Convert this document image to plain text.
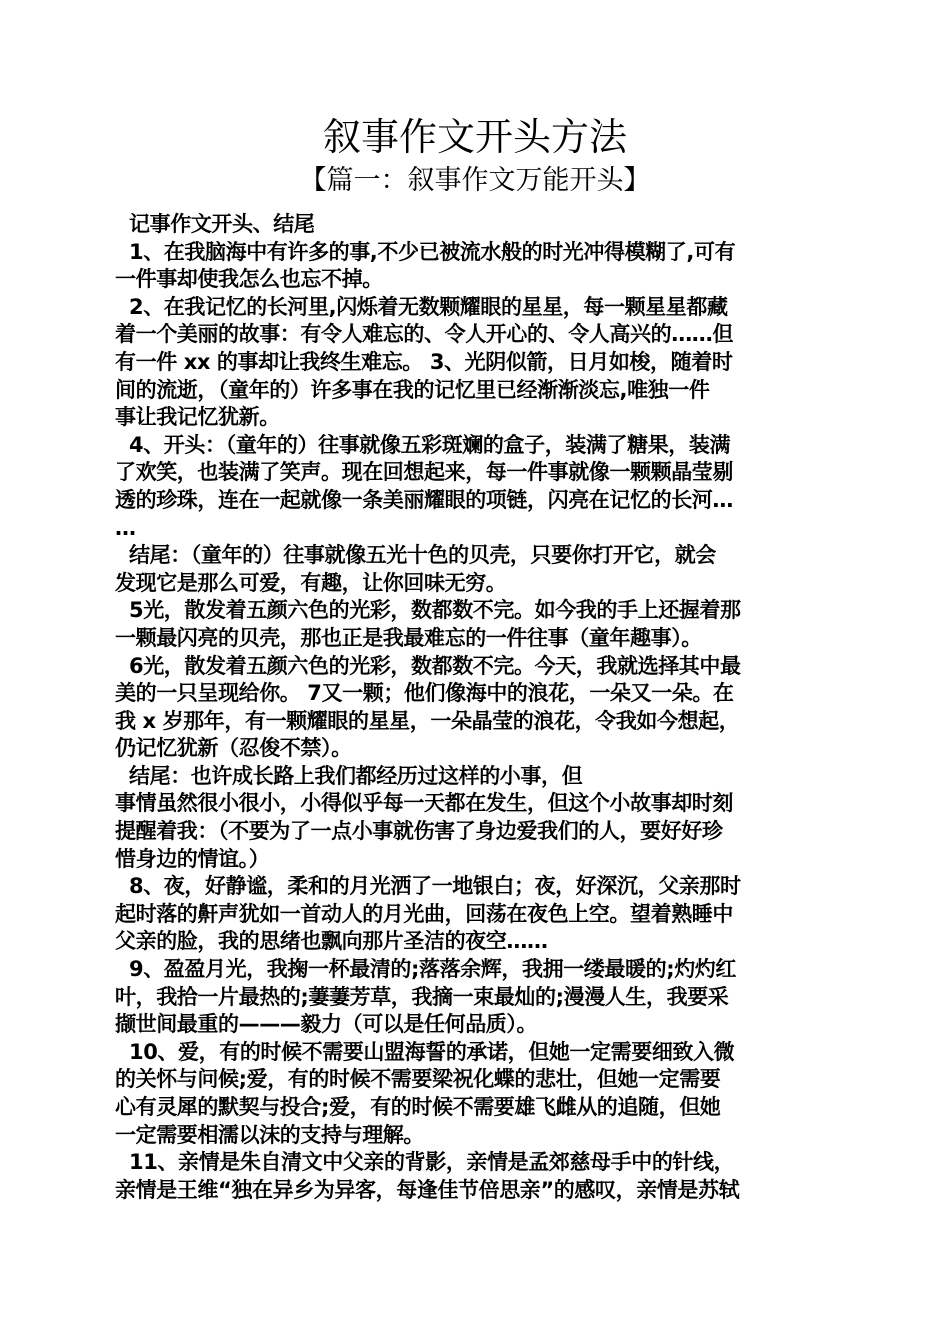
叙事作文开头方法
【篇一：叙事作文万能开头】
记事作文开头、结尾
1、在我脑海中有许多的事,不少已被流水般的时光冲得模糊了,可有
一件事却使我怎么也忘不掉。
2、在我记忆的长河里,闪烁着无数颗耀眼的星星，每一颗星星都藏
着一个美丽的故事：有令人难忘的、令人开心的、令人高兴的……但
有一件 xx 的事却让我终生难忘。 3、光阴似箭，日月如梭，随着时
间的流逝，（童年的）许多事在我的记忆里已经渐渐淡忘,唯独一件
事让我记忆犹新。
4、开头：（童年的）往事就像五彩斑斓的盒子，装满了糖果，装满
了欢笑，也装满了笑声。现在回想起来，每一件事就像一颗颗晶莹剔
透的珍珠，连在一起就像一条美丽耀眼的项链，闪亮在记忆的长河…
…
结尾：（童年的）往事就像五光十色的贝壳，只要你打开它，就会
发现它是那么可爱，有趣，让你回味无穷。
5光，散发着五颜六色的光彩，数都数不完。如今我的手上还握着那
一颗最闪亮的贝壳，那也正是我最难忘的一件往事（童年趣事）。
6光，散发着五颜六色的光彩，数都数不完。今天，我就选择其中最
美的一只呈现给你。 7又一颗；他们像海中的浪花，一朵又一朵。在
我 x 岁那年，有一颗耀眼的星星，一朵晶莹的浪花，令我如今想起，
仍记忆犹新（忍俊不禁）。
结尾：也许成长路上我们都经历过这样的小事，但
事情虽然很小很小，小得似乎每一天都在发生，但这个小故事却时刻
提醒着我：（不要为了一点小事就伤害了身边爱我们的人，要好好珍
惜身边的情谊。）
8、夜，好静谧，柔和的月光洒了一地银白；夜，好深沉，父亲那时
起时落的鼾声犹如一首动人的月光曲，回荡在夜色上空。望着熟睡中
父亲的脸，我的思绪也飘向那片圣洁的夜空……
9、盈盈月光，我掬一杯最清的;落落余辉，我拥一缕最暖的;灼灼红
叶，我拾一片最热的;萋萋芳草，我摘一束最灿的;漫漫人生，我要采
撷世间最重的———毅力（可以是任何品质）。
10、爱，有的时候不需要山盟海誓的承诺，但她一定需要细致入微
的关怀与问候;爱，有的时候不需要梁祝化蝶的悲壮，但她一定需要
心有灵犀的默契与投合;爱，有的时候不需要雄飞雌从的追随，但她
一定需要相濡以沫的支持与理解。
11、亲情是朱自清文中父亲的背影，亲情是孟郊慈母手中的针线，
亲情是王维“独在异乡为异客，每逢佳节倍思亲”的感叹，亲情是苏轼
